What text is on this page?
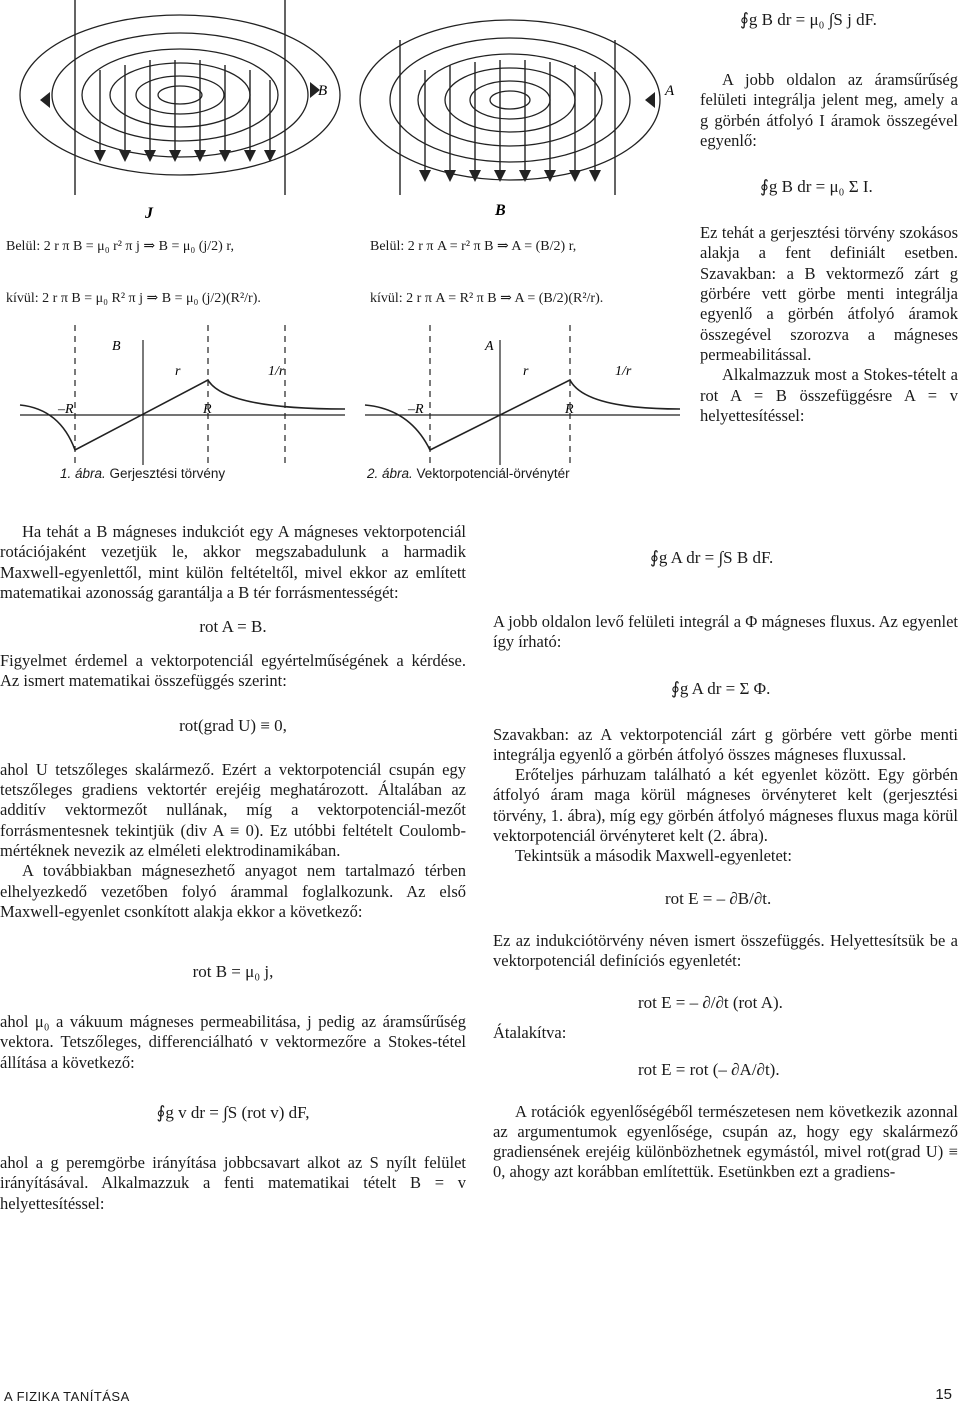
B
J
Belül: 2 r π B = μ₀ r² π j ⇒ B = μ₀ (j/2) r,
kívül: 2 r π B = μ₀ R² π j ⇒ B = μ₀ (j/2)(R²/r).
B
r	1/r
–R	R
1. ábra. Gerjesztési törvény
A
B
Belül: 2 r π A = r² π B ⇒ A = (B/2) r,
kívül: 2 r π A = R² π B ⇒ A = (B/2)(R²/r).
A
r	1/r
–R	R
2. ábra. Vektorpotenciál-örvénytér

Ha tehát a B mágneses indukciót egy A mágneses vektorpotenciál rotációjaként vezetjük le, akkor megszabadulunk a harmadik Maxwell-egyenlettől, mint külön feltételtől, mivel ekkor az említett matematikai azonosság garantálja a B tér forrásmentességét:

rot A = B.

Figyelmet érdemel a vektorpotenciál egyértelműségének a kérdése. Az ismert matematikai összefüggés szerint:

rot(grad U) ≡ 0,

ahol U tetszőleges skalármező. Ezért a vektorpotenciál csupán egy tetszőleges gradiens vektortér erejéig meghatározott. Általában az additív vektormezőt nullának, míg a vektorpotenciál-mezőt forrásmentesnek tekintjük (div A ≡ 0). Ez utóbbi feltételt Coulomb-mértéknek nevezik az elméleti elektrodinamikában.

A továbbiakban mágnesezhető anyagot nem tartalmazó térben elhelyezkedő vezetőben folyó árammal foglalkozunk. Az első Maxwell-egyenlet csonkított alakja ekkor a következő:

rot B = μ₀ j,

ahol μ₀ a vákuum mágneses permeabilitása, j pedig az áramsűrűség vektora. Tetszőleges, differenciálható v vektormezőre a Stokes-tétel állítása a következő:

∮g v dr = ∫S (rot v) dF,

ahol a g peremgörbe irányítása jobbcsavart alkot az S nyílt felület irányításával. Alkalmazzuk a fenti matematikai tételt B = v helyettesítéssel:

∮g B dr = μ₀ ∫S j dF.

A jobb oldalon az áramsűrűség felületi integrálja jelent meg, amely a g görbén átfolyó I áramok összegével egyenlő:

∮g B dr = μ₀ Σ I.

Ez tehát a gerjesztési törvény szokásos alakja a fent definiált esetben. Szavakban: a B vektormező zárt g görbére vett görbe menti integrálja egyenlő a görbén átfolyó áramok összegével szorozva a mágneses permeabilitással.

Alkalmazzuk most a Stokes-tételt a rot A = B összefüggésre A = v helyettesítéssel:

∮g A dr = ∫S B dF.

A jobb oldalon levő felületi integrál a Φ mágneses fluxus. Az egyenlet így írható:

∮g A dr = Σ Φ.

Szavakban: az A vektorpotenciál zárt g görbére vett görbe menti integrálja egyenlő a görbén átfolyó összes mágneses fluxussal.

Erőteljes párhuzam található a két egyenlet között. Egy görbén átfolyó áram maga körül mágneses örvényteret kelt (gerjesztési törvény, 1. ábra), míg egy görbén átfolyó mágneses fluxus maga körül vektorpotenciál örvényteret kelt (2. ábra).

Tekintsük a második Maxwell-egyenletet:

rot E = – ∂B/∂t.

Ez az indukciótörvény néven ismert összefüggés. Helyettesítsük be a vektorpotenciál definíciós egyenletét:

rot E = – ∂/∂t (rot A).
Átalakítva:
rot E = rot (– ∂A/∂t).

A rotációk egyenlőségéből természetesen nem következik azonnal az argumentumok egyenlősége, csupán az, hogy egy skalármező gradiensének erejéig különbözhetnek egymástól, mivel rot(grad U) ≡ 0, ahogy azt korábban említettük. Esetünkben ezt a gradiens-

A FIZIKA TANÍTÁSA	15
